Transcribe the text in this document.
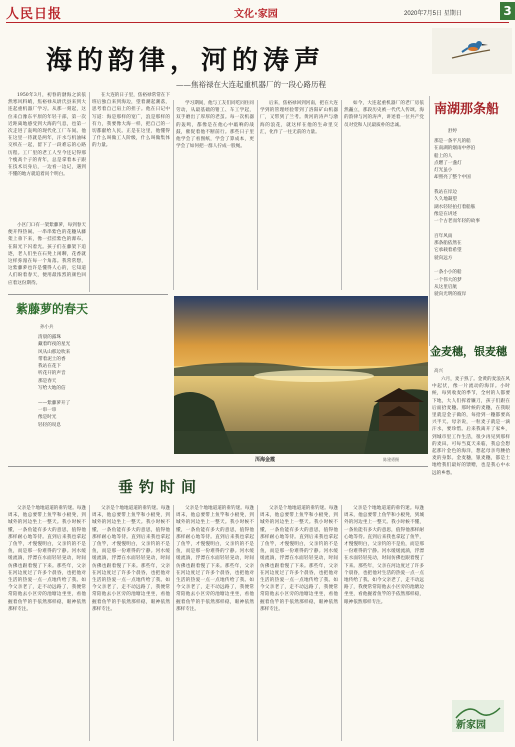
人民日报	文化·家园	2020年7月5日 星期日	3
海的韵律，河的涛声
——焦裕禄在大连起重机器厂的一段心路历程
南湖那条船
舒婷

1950年3月，初春的渤海之滨依然寒风料峭，焦裕禄从尉氏县来到大连起重机器厂学习。从那一刻起，这位来自豫东平原的年轻干部，第一次近距离地感受到大海的气息，也第一次走进了轰鸣的现代化工厂车间。他在这里一待就是两年，汗水与机油味交织在一起，留下了一段难忘的心路历程。工厂里的老工人至今还记得那个瘦高个子的青年，总是拿着本子跟在技术员身后，一边看一边记，遇到不懂的地方就追着问个明白。

在大连的日子里，焦裕禄常常在下班后独自来到海边，望着潮起潮落，思考着自己肩上的担子。他在日记中写道：海是那样的宽广，浪是那样的有力，我要像大海一样，把自己的一切都献给人民。正是在这里，他懂得了什么叫做工人阶级，什么叫做集体的力量。

学习期间，他与工友们同吃同住同劳动，从最基础的钳工、车工学起，双手磨出了厚厚的老茧。每一次机器的轰鸣，都像是在他心中敲响的战鼓，催促着他不断前行。那些日子里他学会了看图纸，学会了算成本，更学会了如何把一群人拧成一股绳。

后来，焦裕禄回到河南，把在大连学到的管理经验带到了洛阳矿山机器厂，又带到了兰考。黄河的涛声与渤海的浪花，就这样在他的生命里交汇，化作了一往无前的力量。

如今，大连起重机器厂的老厂房依然矗立，那段历史被一代代人传颂。海的韵律与河的涛声，讲述着一位共产党员对党和人民最质朴的忠诚。

那是一条平凡的船
在南湖的烟雨中停泊
船上的人
点燃了一盏灯
灯光虽小
却照亮了整个中国

我站在岸边
久久地凝望
湖水轻轻拍打着船舷
像是在讲述
一个古老而年轻的故事

百年风雨
那条船依然在
它承载着希望
驶向远方

一条小小的船
一个伟大的梦
从这里启航
驶向光明的彼岸

小区门口有一架紫藤萝，每到春天便开得热闹。一串串紫色的花穗从藤架上垂下来，像一挂挂紫色的瀑布，在阳光下闪着光。孩子们在藤架下追逐，老人们坐在石凳上闲聊，花香就这样弥漫在每一个角落。我常常想，这紫藤萝也许是懂得人心的，它知道人们盼着春天，便用最浓烈的颜色回应着这份期待。

紫藤萝的春天
孙小兵
清晨的露珠
藏着昨夜的星光
风从山那边吹来
带着泥土的香
我站在花下
听花开的声音
那是春天
写给大地的信

——紫藤萝开了
一串一串
像是时光
轻轻的叹息
洱海金霞	陈建勇摄
金麦穗，银麦穗
高兴

六月，麦子熟了。金黄的麦浪在风中起伏，像一片流动的海洋。小时候，每到收麦的季节，全村的人都要下地，大人们挥着镰刀，孩子们跟在后面拾麦穗。那时候的麦穗，在我眼里就是金子做的，每拾到一穗都要高兴半天。母亲说，一粒麦子就是一滴汗水，要珍惜。后来我离开了家乡，到城市里工作生活，很少再见到那样的麦田。可每当夏天来临，我总会想起那片金色的海洋，想起母亲弯腰拾麦的身影。金麦穗，银麦穗，都是土地给我们最好的馈赠，也是我心中永远的乡愁。

垂钓时间

父亲是个地地道道的垂钓迷。每逢周末，他总要带上鱼竿和小板凳，到城外的河边坐上一整天。我小时候不懂，一条鱼能有多大的意思，值得他那样耐心地等待。直到后来我也拿起了鱼竿，才慢慢明白，父亲钓的不是鱼，而是那一份难得的宁静。河水缓缓流淌，浮漂在水面轻轻晃动，时间仿佛也跟着慢了下来。那些年，父亲在河边度过了许多个晨昏，也把他对生活的热爱一点一点地传给了我。如今父亲老了，走不动远路了，我便常常陪他去小区旁的池塘边坐坐，看他握着鱼竿的手依然那样稳，眼神依然那样专注。

父亲是个地地道道的垂钓迷。每逢周末，他总要带上鱼竿和小板凳，到城外的河边坐上一整天。我小时候不懂，一条鱼能有多大的意思，值得他那样耐心地等待。直到后来我也拿起了鱼竿，才慢慢明白，父亲钓的不是鱼，而是那一份难得的宁静。河水缓缓流淌，浮漂在水面轻轻晃动，时间仿佛也跟着慢了下来。那些年，父亲在河边度过了许多个晨昏，也把他对生活的热爱一点一点地传给了我。如今父亲老了，走不动远路了，我便常常陪他去小区旁的池塘边坐坐，看他握着鱼竿的手依然那样稳，眼神依然那样专注。

父亲是个地地道道的垂钓迷。每逢周末，他总要带上鱼竿和小板凳，到城外的河边坐上一整天。我小时候不懂，一条鱼能有多大的意思，值得他那样耐心地等待。直到后来我也拿起了鱼竿，才慢慢明白，父亲钓的不是鱼，而是那一份难得的宁静。河水缓缓流淌，浮漂在水面轻轻晃动，时间仿佛也跟着慢了下来。那些年，父亲在河边度过了许多个晨昏，也把他对生活的热爱一点一点地传给了我。如今父亲老了，走不动远路了，我便常常陪他去小区旁的池塘边坐坐，看他握着鱼竿的手依然那样稳，眼神依然那样专注。

父亲是个地地道道的垂钓迷。每逢周末，他总要带上鱼竿和小板凳，到城外的河边坐上一整天。我小时候不懂，一条鱼能有多大的意思，值得他那样耐心地等待。直到后来我也拿起了鱼竿，才慢慢明白，父亲钓的不是鱼，而是那一份难得的宁静。河水缓缓流淌，浮漂在水面轻轻晃动，时间仿佛也跟着慢了下来。那些年，父亲在河边度过了许多个晨昏，也把他对生活的热爱一点一点地传给了我。如今父亲老了，走不动远路了，我便常常陪他去小区旁的池塘边坐坐，看他握着鱼竿的手依然那样稳，眼神依然那样专注。

父亲是个地地道道的垂钓迷。每逢周末，他总要带上鱼竿和小板凳，到城外的河边坐上一整天。我小时候不懂，一条鱼能有多大的意思，值得他那样耐心地等待。直到后来我也拿起了鱼竿，才慢慢明白，父亲钓的不是鱼，而是那一份难得的宁静。河水缓缓流淌，浮漂在水面轻轻晃动，时间仿佛也跟着慢了下来。那些年，父亲在河边度过了许多个晨昏，也把他对生活的热爱一点一点地传给了我。如今父亲老了，走不动远路了，我便常常陪他去小区旁的池塘边坐坐，看他握着鱼竿的手依然那样稳，眼神依然那样专注。

新家园
